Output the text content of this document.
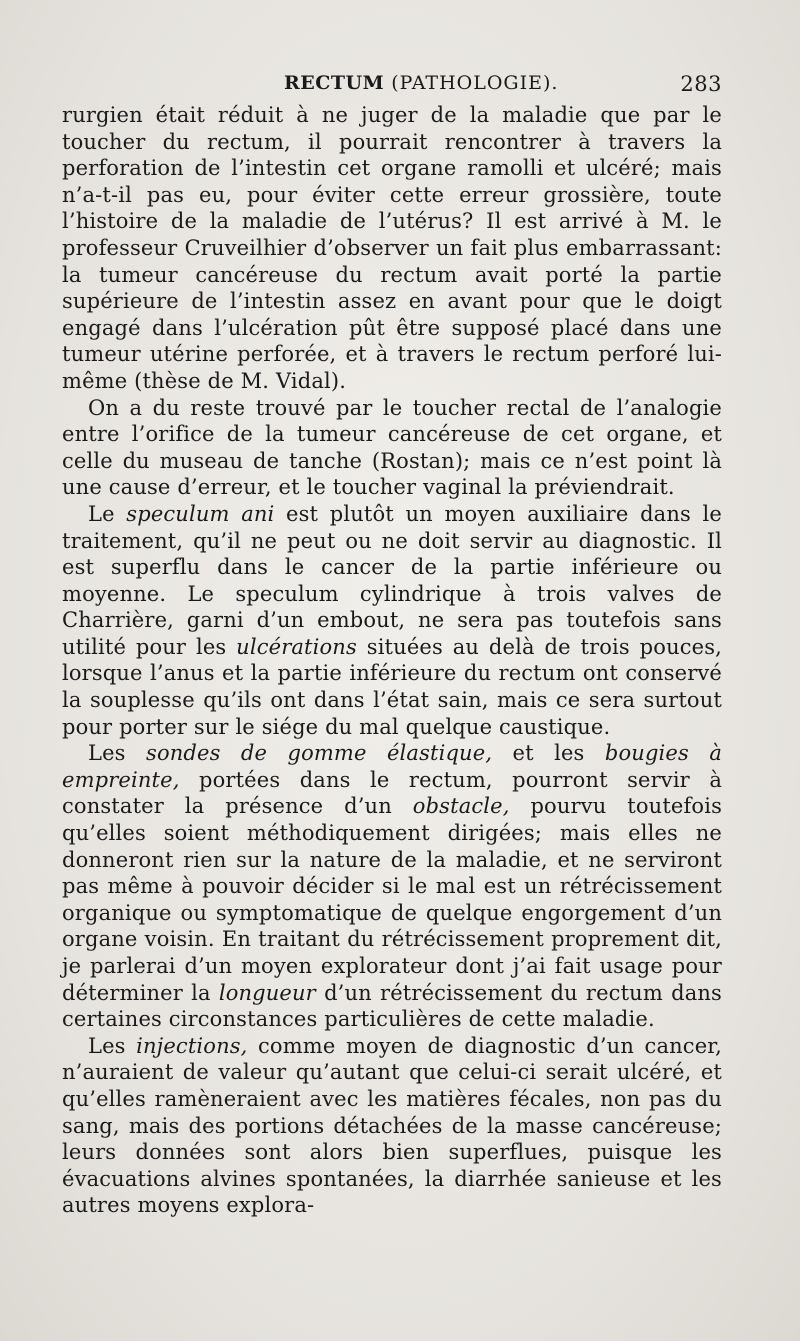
RECTUM (PATHOLOGIE).	283

rurgien était réduit à ne juger de la maladie que par le toucher du rectum, il pourrait rencontrer à travers la perforation de l’intestin cet organe ramolli et ulcéré; mais n’a-t-il pas eu, pour éviter cette erreur grossière, toute l’histoire de la maladie de l’utérus? Il est arrivé à M. le professeur Cruveilhier d’observer un fait plus embarrassant: la tumeur cancéreuse du rectum avait porté la partie supérieure de l’intestin assez en avant pour que le doigt engagé dans l’ulcération pût être supposé placé dans une tumeur utérine perforée, et à travers le rectum perforé lui-même (thèse de M. Vidal).

On a du reste trouvé par le toucher rectal de l’analogie entre l’orifice de la tumeur cancéreuse de cet organe, et celle du museau de tanche (Rostan); mais ce n’est point là une cause d’erreur, et le toucher vaginal la préviendrait.

Le speculum ani est plutôt un moyen auxiliaire dans le traitement, qu’il ne peut ou ne doit servir au diagnostic. Il est superflu dans le cancer de la partie inférieure ou moyenne. Le speculum cylindrique à trois valves de Charrière, garni d’un embout, ne sera pas toutefois sans utilité pour les ulcérations situées au delà de trois pouces, lorsque l’anus et la partie inférieure du rectum ont conservé la souplesse qu’ils ont dans l’état sain, mais ce sera surtout pour porter sur le siége du mal quelque caustique.

Les sondes de gomme élastique, et les bougies à empreinte, portées dans le rectum, pourront servir à constater la présence d’un obstacle, pourvu toutefois qu’elles soient méthodiquement dirigées; mais elles ne donneront rien sur la nature de la maladie, et ne serviront pas même à pouvoir décider si le mal est un rétrécissement organique ou symptomatique de quelque engorgement d’un organe voisin. En traitant du rétrécissement proprement dit, je parlerai d’un moyen explorateur dont j’ai fait usage pour déterminer la longueur d’un rétrécissement du rectum dans certaines circonstances particulières de cette maladie.

Les injections, comme moyen de diagnostic d’un cancer, n’auraient de valeur qu’autant que celui-ci serait ulcéré, et qu’elles ramèneraient avec les matières fécales, non pas du sang, mais des portions détachées de la masse cancéreuse; leurs données sont alors bien superflues, puisque les évacuations alvines spontanées, la diarrhée sanieuse et les autres moyens explora-
